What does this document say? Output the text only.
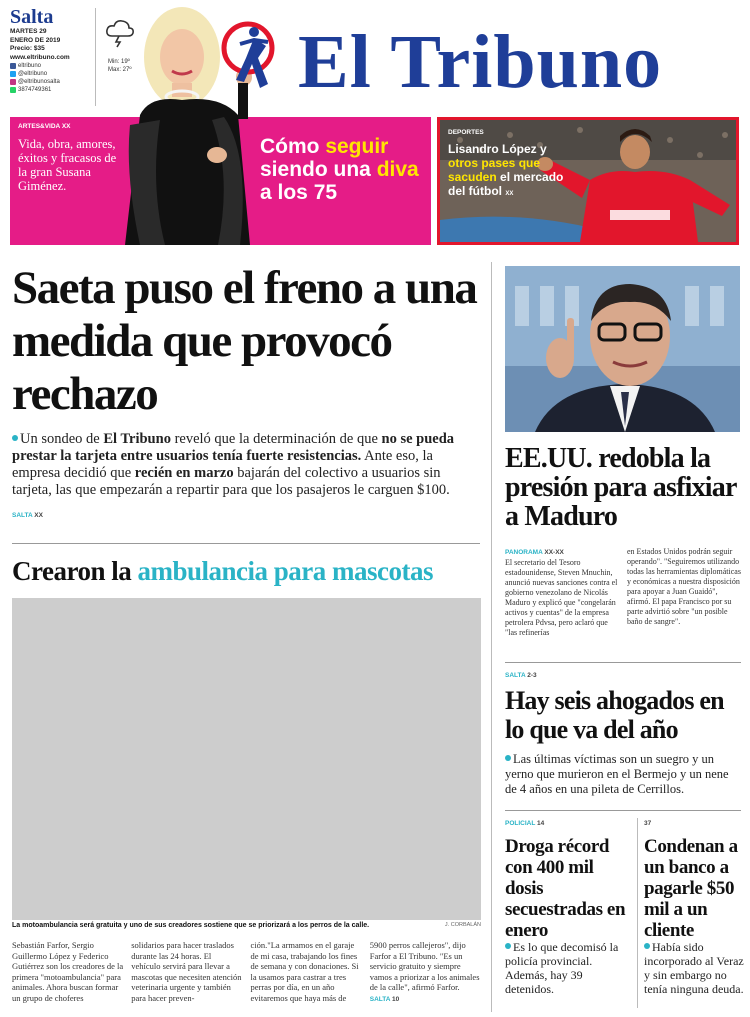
Salta
MARTES 29
ENERO DE 2019
Precio: $35
www.eltribuno.com
eltribuno
@eltribuno
@eltribunosalta
3874749361
Min: 19º
Max: 27º El Tribuno
ARTES&VIDA XX
Vida, obra, amores, éxitos y fracasos de la gran Susana Giménez.
Cómo seguir siendo una diva a los 75
DEPORTES
Lisandro López y otros pases que sacuden el mercado del fútbol XX
Saeta puso el freno a una medida que provocó rechazo

Un sondeo de El Tribuno reveló que la determinación de que no se pueda prestar la tarjeta entre usuarios tenía fuerte resistencias. Ante eso, la empresa decidió que recién en marzo bajarán del colectivo a usuarios sin tarjeta, las que empezarán a repartir para que los pasajeros le carguen $100.

SALTA XX
Crearon la ambulancia para mascotas
J. CORBALÁN
La motoambulancia será gratuita y uno de sus creadores sostiene que se priorizará a los perros de la calle.
Sebastián Farfor, Sergio Guillermo López y Federico Gutiérrez son los creadores de la primera "motoambulancia" para animales. Ahora buscan formar un grupo de choferes
solidarios para hacer traslados durante las 24 horas. El vehículo servirá para llevar a mascotas que necesiten atención veterinaria urgente y también para hacer preven-
ción."La armamos en el garaje de mi casa, trabajando los fines de semana y con donaciones. Si la usamos para castrar a tres perras por día, en un año evitaremos que haya más de
5900 perros callejeros", dijo Farfor a El Tribuno. "Es un servicio gratuito y siempre vamos a priorizar a los animales de la calle", afirmó Farfor. SALTA 10
EE.UU. redobla la presión para asfixiar a Maduro
PANORAMA XX-XX
El secretario del Tesoro estadounidense, Steven Mnuchin, anunció nuevas sanciones contra el gobierno venezolano de Nicolás Maduro y explicó que "congelarán activos y cuentas" de la empresa petrolera Pdvsa, pero aclaró que "las refinerías
en Estados Unidos podrán seguir operando". "Seguiremos utilizando todas las herramientas diplomáticas y económicas a nuestra disposición para apoyar a Juan Guaidó", afirmó. El papa Francisco por su parte advirtió sobre "un posible baño de sangre".
SALTA 2-3
Hay seis ahogados en lo que va del año

Las últimas víctimas son un suegro y un yerno que murieron en el Bermejo y un nene de 4 años en una pileta de Cerrillos.

POLICIAL 14
Droga récord con 400 mil dosis secuestradas en enero

Es lo que decomisó la policía provincial. Además, hay 39 detenidos.

37
Condenan a un banco a pagarle $50 mil a un cliente

Había sido incorporado al Veraz y sin embargo no tenía ninguna deuda.
